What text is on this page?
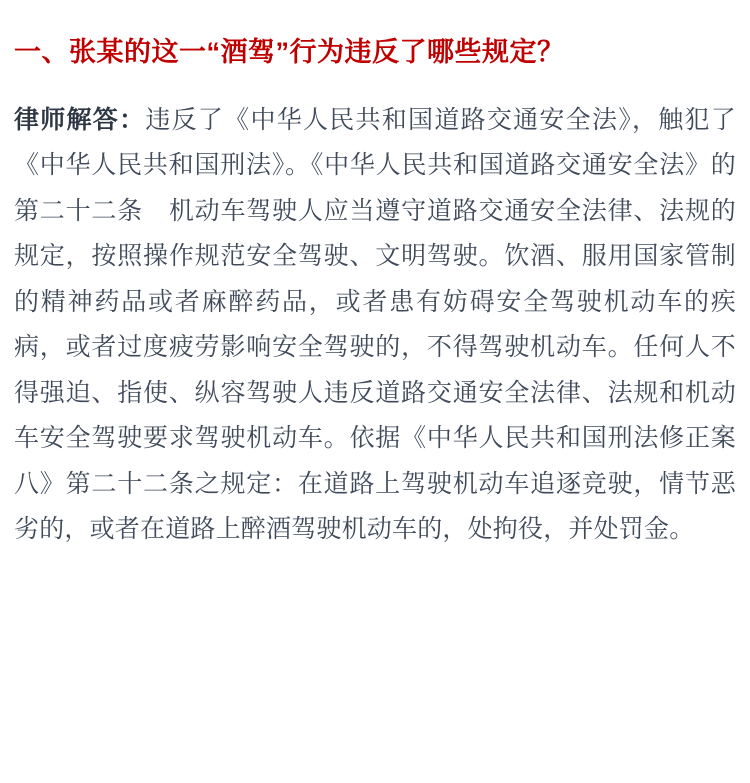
一、张某的这一“酒驾”行为违反了哪些规定？

律师解答：违反了《中华人民共和国道路交通安全法》，触犯了《中华人民共和国刑法》。《中华人民共和国道路交通安全法》的第二十二条　机动车驾驶人应当遵守道路交通安全法律、法规的规定，按照操作规范安全驾驶、文明驾驶。饮酒、服用国家管制的精神药品或者麻醉药品，或者患有妨碍安全驾驶机动车的疾病，或者过度疲劳影响安全驾驶的，不得驾驶机动车。任何人不得强迫、指使、纵容驾驶人违反道路交通安全法律、法规和机动车安全驾驶要求驾驶机动车。依据《中华人民共和国刑法修正案八》第二十二条之规定：在道路上驾驶机动车追逐竞驶，情节恶劣的，或者在道路上醉酒驾驶机动车的，处拘役，并处罚金。
